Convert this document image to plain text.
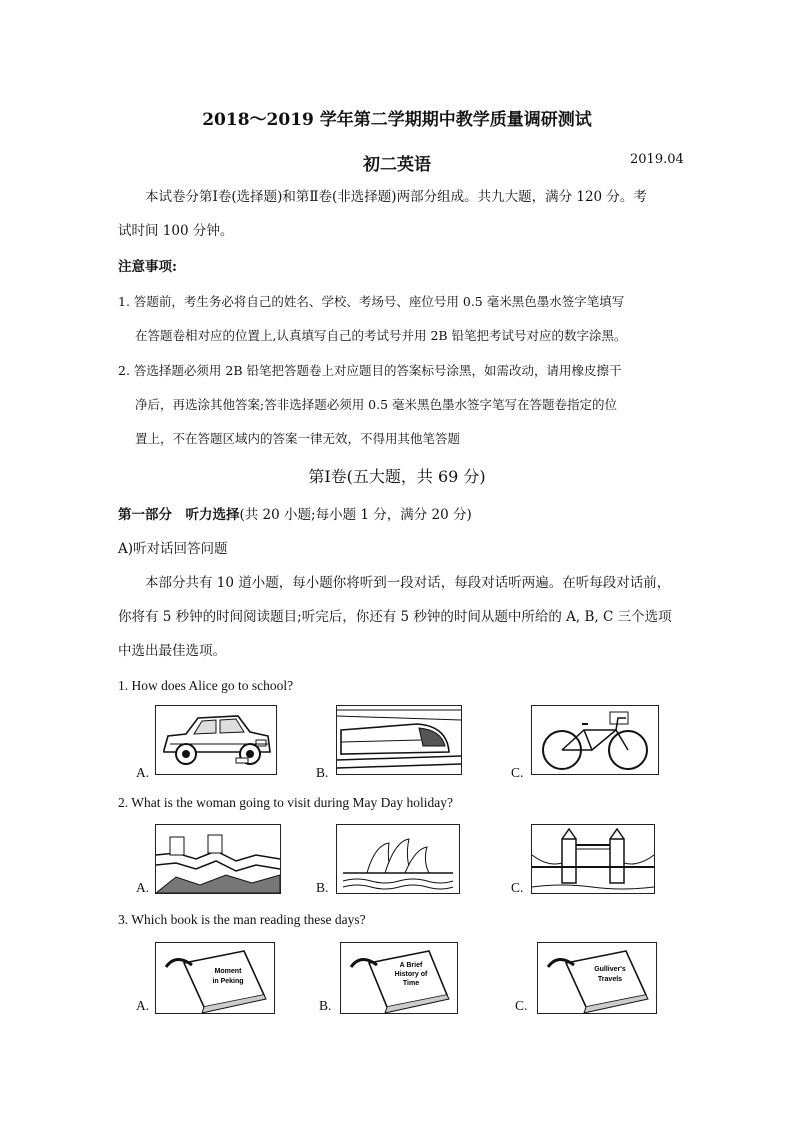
2018～2019 学年第二学期期中教学质量调研测试
初二英语	2019.04
本试卷分第Ⅰ卷(选择题)和第Ⅱ卷(非选择题)两部分组成。共九大题，满分 120 分。考
试时间 100 分钟。
注意事项:
1. 答题前，考生务必将自己的姓名、学校、考场号、座位号用 0.5 毫米黑色墨水签字笔填写
在答题卷相对应的位置上,认真填写自己的考试号并用 2B 铅笔把考试号对应的数字涂黑。
2. 答选择题必须用 2B 铅笔把答题卷上对应题目的答案标号涂黑，如需改动，请用橡皮擦干
净后，再选涂其他答案;答非选择题必须用 0.5 毫米黑色墨水签字笔写在答题卷指定的位
置上，不在答题区域内的答案一律无效，不得用其他笔答题
第Ⅰ卷(五大题，共 69 分)
第一部分　听力选择(共 20 小题;每小题 1 分，满分 20 分)
A)听对话回答问题
本部分共有 10 道小题，每小题你将听到一段对话，每段对话听两遍。在听每段对话前，
你将有 5 秒钟的时间阅读题目;听完后，你还有 5 秒钟的时间从题中所给的 A, B, C 三个选项
中选出最佳选项。
1. How does Alice go to school?
A.	B.	C.
2. What is the woman going to visit during May Day holiday?
A.	B.	C.
3. Which book is the man reading these days?
A.
Moment
in Peking
B.
A Brief
History of
Time
C.
Gulliver's
Travels
